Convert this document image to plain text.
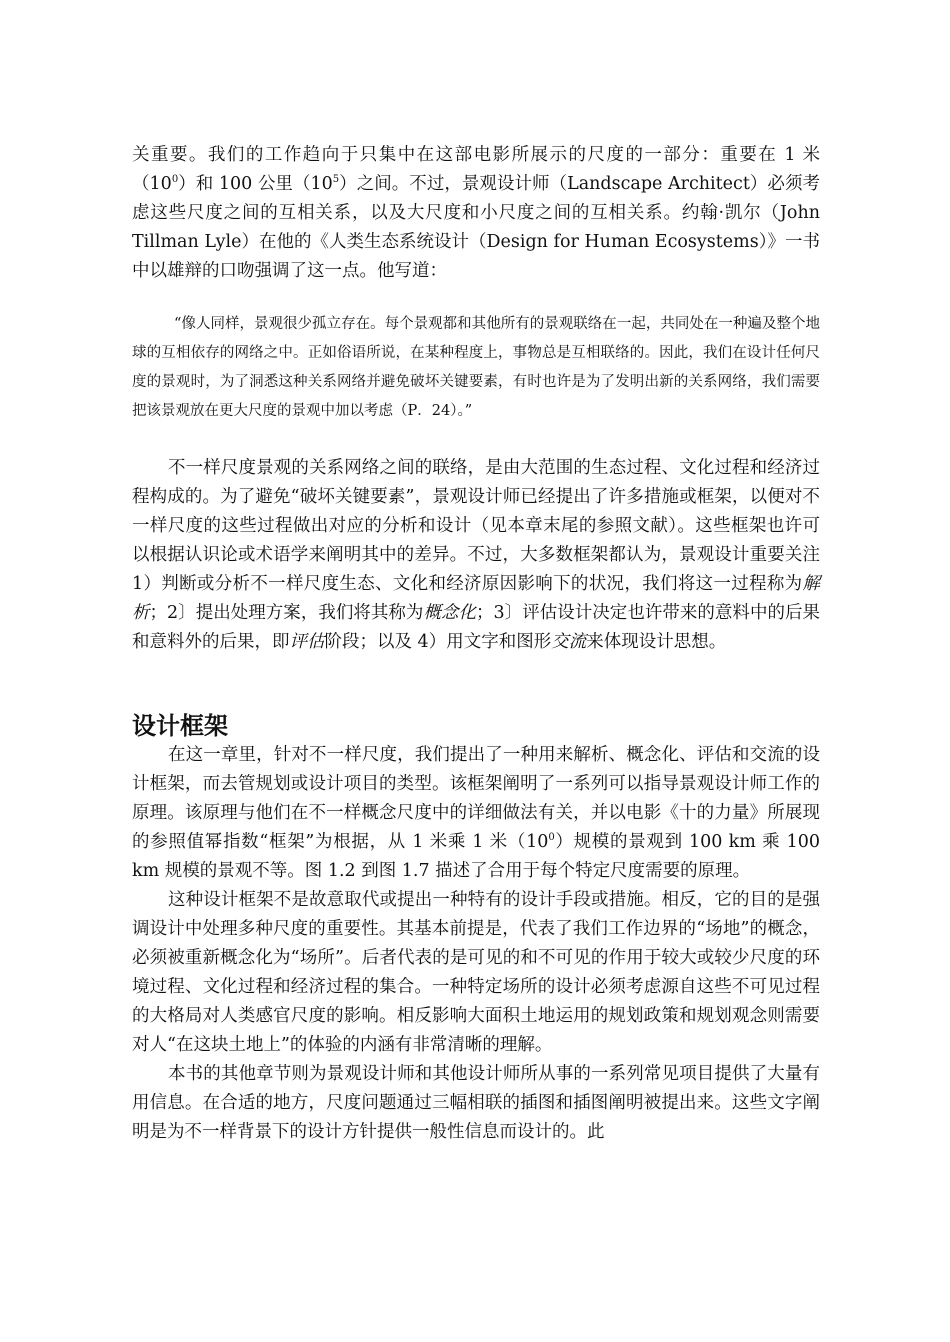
关重要。我们的工作趋向于只集中在这部电影所展示的尺度的一部分：重要在 1 米$(10^0)$和 100 公里$(10^5)$之间。不过，景观设计师（Landscape Architect）必须考虑这些尺度之间的互相关系，以及大尺度和小尺度之间的互相关系。约翰·凯尔（John Tillman Lyle）在他的《人类生态系统设计（Design for Human Ecosystems）》一书中以雄辩的口吻强调了这一点。他写道：

“像人同样，景观很少孤立存在。每个景观都和其他所有的景观联络在一起，共同处在一种遍及整个地球的互相依存的网络之中。正如俗语所说，在某种程度上，事物总是互相联络的。因此，我们在设计任何尺度的景观时，为了洞悉这种关系网络并避免破坏关键要素，有时也许是为了发明出新的关系网络，我们需要把该景观放在更大尺度的景观中加以考虑（P．24）。”

不一样尺度景观的关系网络之间的联络，是由大范围的生态过程、文化过程和经济过程构成的。为了避免“破坏关键要素”，景观设计师已经提出了许多措施或框架，以便对不一样尺度的这些过程做出对应的分析和设计（见本章末尾的参照文献）。这些框架也许可以根据认识论或术语学来阐明其中的差异。不过，大多数框架都认为，景观设计重要关注 1）判断或分析不一样尺度生态、文化和经济原因影响下的状况，我们将这一过程称为解析；2〕提出处理方案，我们将其称为概念化；3〕评估设计决定也许带来的意料中的后果和意料外的后果，即评估阶段；以及 4）用文字和图形交流来体现设计思想。

设计框架

在这一章里，针对不一样尺度，我们提出了一种用来解析、概念化、评估和交流的设计框架，而去管规划或设计项目的类型。该框架阐明了一系列可以指导景观设计师工作的原理。该原理与他们在不一样概念尺度中的详细做法有关，并以电影《十的力量》所展现的参照值幂指数“框架”为根据，从 1 米乘 1 米$(10^0)$规模的景观到 100 km 乘 100 km 规模的景观不等。图 1.2 到图 1.7 描述了合用于每个特定尺度需要的原理。

这种设计框架不是故意取代或提出一种特有的设计手段或措施。相反，它的目的是强调设计中处理多种尺度的重要性。其基本前提是，代表了我们工作边界的“场地”的概念，必须被重新概念化为“场所”。后者代表的是可见的和不可见的作用于较大或较少尺度的环境过程、文化过程和经济过程的集合。一种特定场所的设计必须考虑源自这些不可见过程的大格局对人类感官尺度的影响。相反影响大面积土地运用的规划政策和规划观念则需要对人“在这块土地上”的体验的内涵有非常清晰的理解。

本书的其他章节则为景观设计师和其他设计师所从事的一系列常见项目提供了大量有用信息。在合适的地方，尺度问题通过三幅相联的插图和插图阐明被提出来。这些文字阐明是为不一样背景下的设计方针提供一般性信息而设计的。此
